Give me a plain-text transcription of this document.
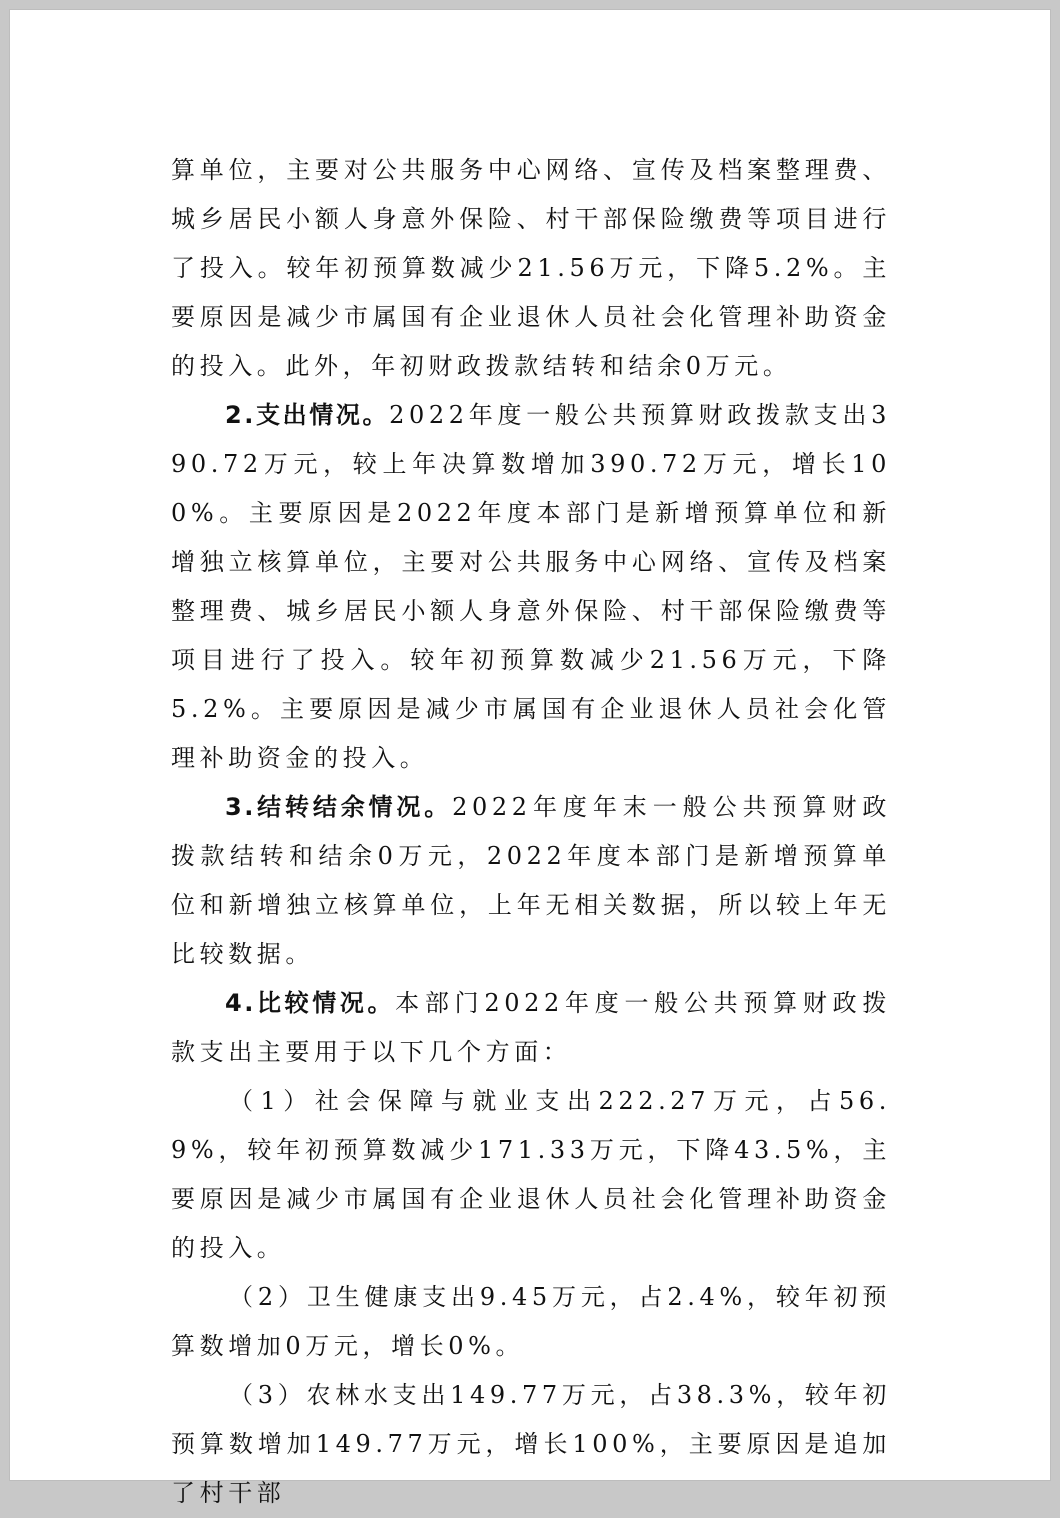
算单位，主要对公共服务中心网络、宣传及档案整理费、城乡居民小额人身意外保险、村干部保险缴费等项目进行了投入。较年初预算数减少21.56万元，下降5.2%。主要原因是减少市属国有企业退休人员社会化管理补助资金的投入。此外，年初财政拨款结转和结余0万元。

2.支出情况。2022年度一般公共预算财政拨款支出390.72万元，较上年决算数增加390.72万元，增长100%。主要原因是2022年度本部门是新增预算单位和新增独立核算单位，主要对公共服务中心网络、宣传及档案整理费、城乡居民小额人身意外保险、村干部保险缴费等项目进行了投入。较年初预算数减少21.56万元，下降5.2%。主要原因是减少市属国有企业退休人员社会化管理补助资金的投入。

3.结转结余情况。2022年度年末一般公共预算财政拨款结转和结余0万元，2022年度本部门是新增预算单位和新增独立核算单位，上年无相关数据，所以较上年无比较数据。

4.比较情况。本部门2022年度一般公共预算财政拨款支出主要用于以下几个方面：

（1）社会保障与就业支出222.27万元，占56.9%，较年初预算数减少171.33万元，下降43.5%，主要原因是减少市属国有企业退休人员社会化管理补助资金的投入。

（2）卫生健康支出9.45万元，占2.4%，较年初预算数增加0万元，增长0%。

（3）农林水支出149.77万元，占38.3%，较年初预算数增加149.77万元，增长100%，主要原因是追加了村干部
